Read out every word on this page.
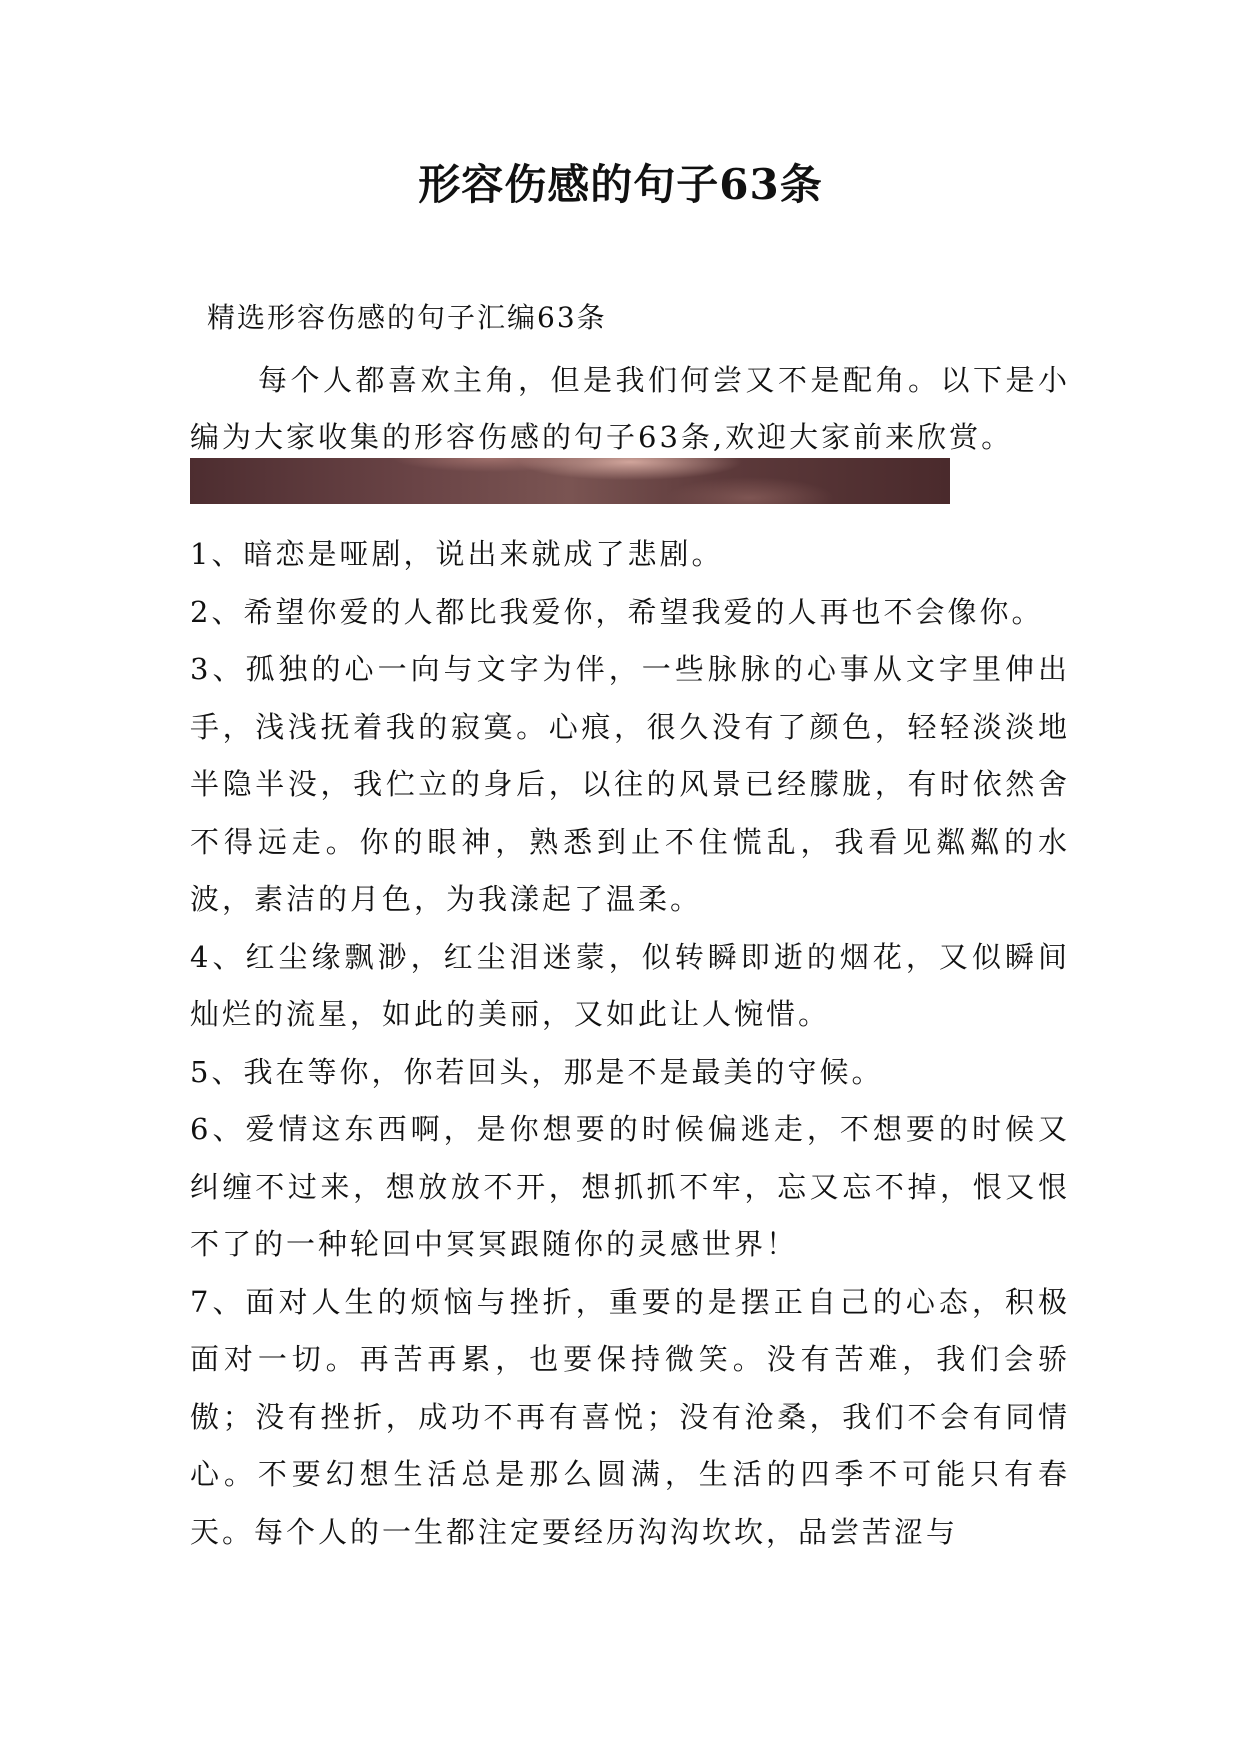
形容伤感的句子63条
精选形容伤感的句子汇编63条

每个人都喜欢主角，但是我们何尝又不是配角。以下是小编为大家收集的形容伤感的句子63条,欢迎大家前来欣赏。

1、暗恋是哑剧，说出来就成了悲剧。
2、希望你爱的人都比我爱你，希望我爱的人再也不会像你。
3、孤独的心一向与文字为伴，一些脉脉的心事从文字里伸出手，浅浅抚着我的寂寞。心痕，很久没有了颜色，轻轻淡淡地半隐半没，我伫立的身后，以往的风景已经朦胧，有时依然舍不得远走。你的眼神，熟悉到止不住慌乱，我看见粼粼的水波，素洁的月色，为我漾起了温柔。
4、红尘缘飘渺，红尘泪迷蒙，似转瞬即逝的烟花，又似瞬间灿烂的流星，如此的美丽，又如此让人惋惜。
5、我在等你，你若回头，那是不是最美的守候。
6、爱情这东西啊，是你想要的时候偏逃走，不想要的时候又纠缠不过来，想放放不开，想抓抓不牢，忘又忘不掉，恨又恨不了的一种轮回中冥冥跟随你的灵感世界！
7、面对人生的烦恼与挫折，重要的是摆正自己的心态，积极面对一切。再苦再累，也要保持微笑。没有苦难，我们会骄傲；没有挫折，成功不再有喜悦；没有沧桑，我们不会有同情心。不要幻想生活总是那么圆满，生活的四季不可能只有春天。每个人的一生都注定要经历沟沟坎坎，品尝苦涩与
